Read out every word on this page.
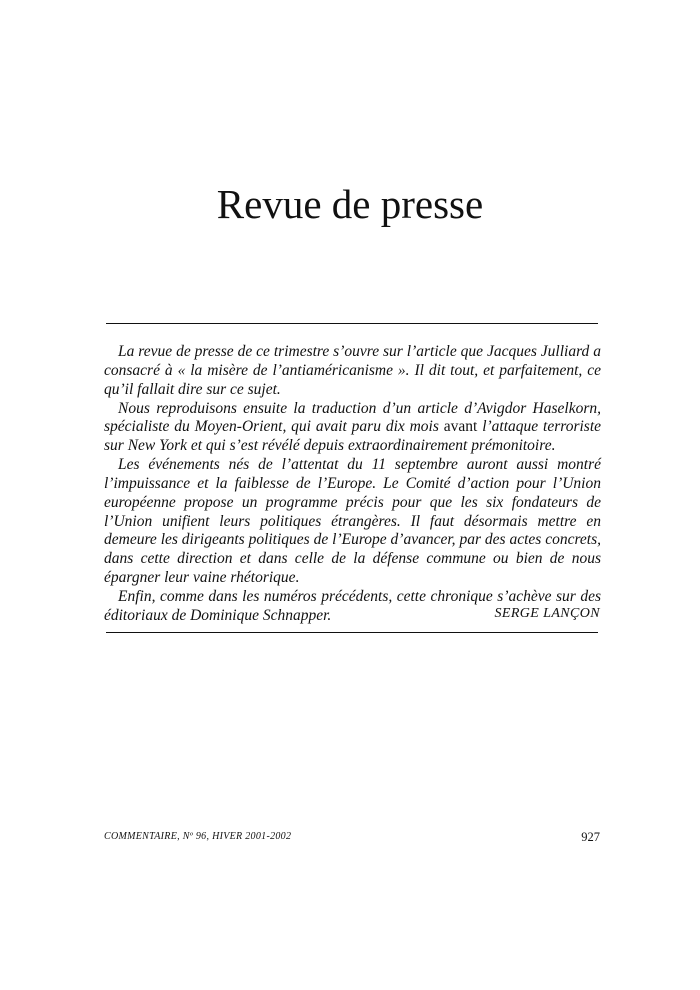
Revue de presse

La revue de presse de ce trimestre s’ouvre sur l’article que Jacques Julliard a consacré à « la misère de l’antiaméricanisme ». Il dit tout, et parfaitement, ce qu’il fallait dire sur ce sujet.
Nous reproduisons ensuite la traduction d’un article d’Avigdor Haselkorn, spécialiste du Moyen-Orient, qui avait paru dix mois avant l’attaque terroriste sur New York et qui s’est révélé depuis extraordinairement prémonitoire.
Les événements nés de l’attentat du 11 septembre auront aussi montré l’impuissance et la faiblesse de l’Europe. Le Comité d’action pour l’Union européenne propose un programme précis pour que les six fondateurs de l’Union unifient leurs politiques étrangères. Il faut désormais mettre en demeure les dirigeants politiques de l’Europe d’avancer, par des actes concrets, dans cette direction et dans celle de la défense commune ou bien de nous épargner leur vaine rhétorique.
Enfin, comme dans les numéros précédents, cette chronique s’achève sur des éditoriaux de Dominique Schnapper.	SERGE LANÇON
COMMENTAIRE, Nº 96, HIVER 2001-2002	927
